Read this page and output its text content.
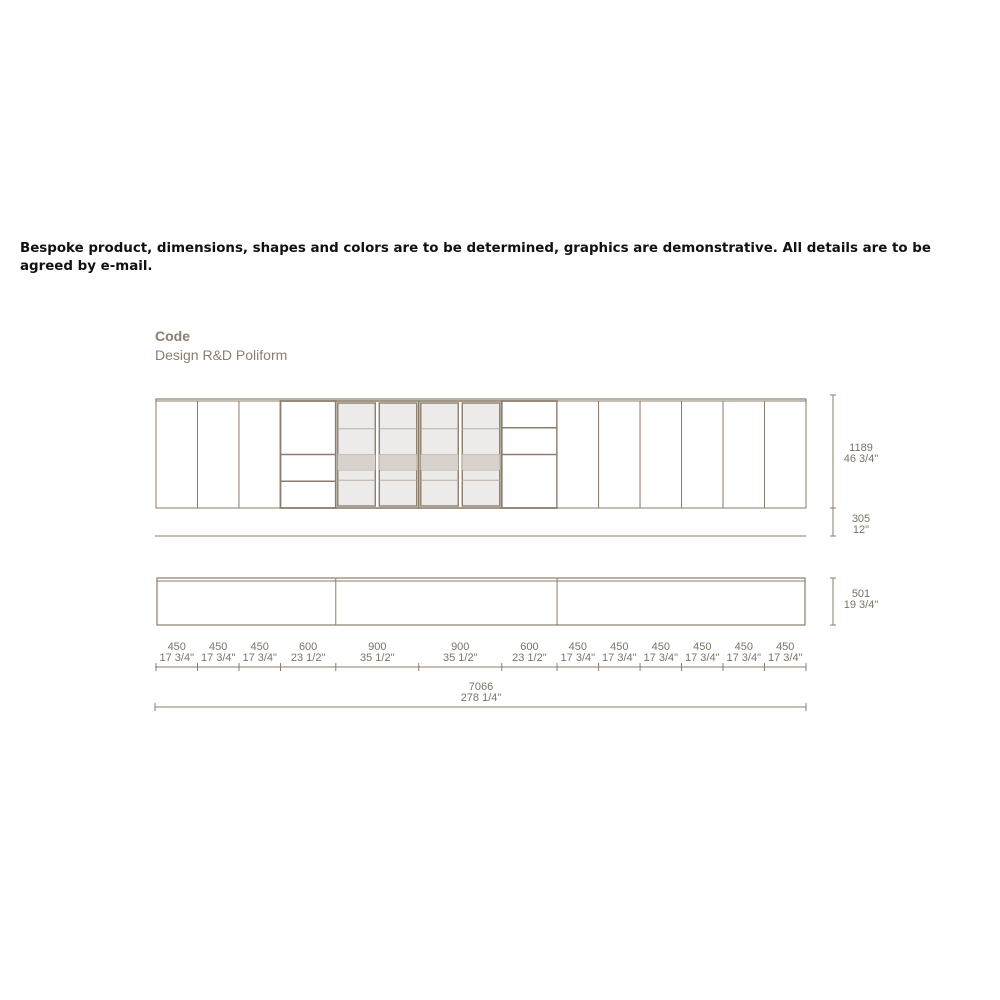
Bespoke product, dimensions, shapes and colors are to be determined, graphics are demonstrative. All details are to be agreed by e-mail.
Code
Design R&D Poliform
1189
46 3/4"
305
12"
501
19 3/4"
450
17 3/4"
450
17 3/4"
450
17 3/4"
600
23 1/2"
900
35 1/2"
900
35 1/2"
600
23 1/2"
450
17 3/4"
450
17 3/4"
450
17 3/4"
450
17 3/4"
450
17 3/4"
450
17 3/4"
7066
278 1/4"
